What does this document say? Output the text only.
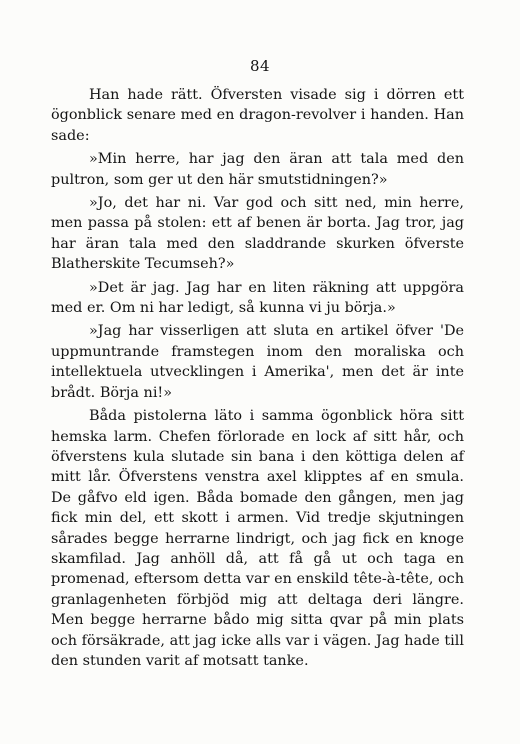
84

Han hade rätt. Öfversten visade sig i dörren ett ögonblick senare med en dragon-revolver i handen. Han sade:

»Min herre, har jag den äran att tala med den pultron, som ger ut den här smutstidningen?»

»Jo, det har ni. Var god och sitt ned, min herre, men passa på stolen: ett af benen är borta. Jag tror, jag har äran tala med den sladdrande skurken öfverste Blatherskite Tecumseh?»

»Det är jag. Jag har en liten räkning att uppgöra med er. Om ni har ledigt, så kunna vi ju börja.»

»Jag har visserligen att sluta en artikel öfver 'De uppmuntrande framstegen inom den moraliska och intellektuela utvecklingen i Amerika', men det är inte brådt. Börja ni!»

Båda pistolerna läto i samma ögonblick höra sitt hemska larm. Chefen förlorade en lock af sitt hår, och öfverstens kula slutade sin bana i den köttiga delen af mitt lår. Öfverstens venstra axel klipptes af en smula. De gåfvo eld igen. Båda bomade den gången, men jag fick min del, ett skott i armen. Vid tredje skjutningen sårades begge herrarne lindrigt, och jag fick en knoge skamfilad. Jag anhöll då, att få gå ut och taga en promenad, eftersom detta var en enskild tête-à-tête, och granlagenheten förbjöd mig att deltaga deri längre. Men begge herrarne bådo mig sitta qvar på min plats och försäkrade, att jag icke alls var i vägen. Jag hade till den stunden varit af motsatt tanke.
